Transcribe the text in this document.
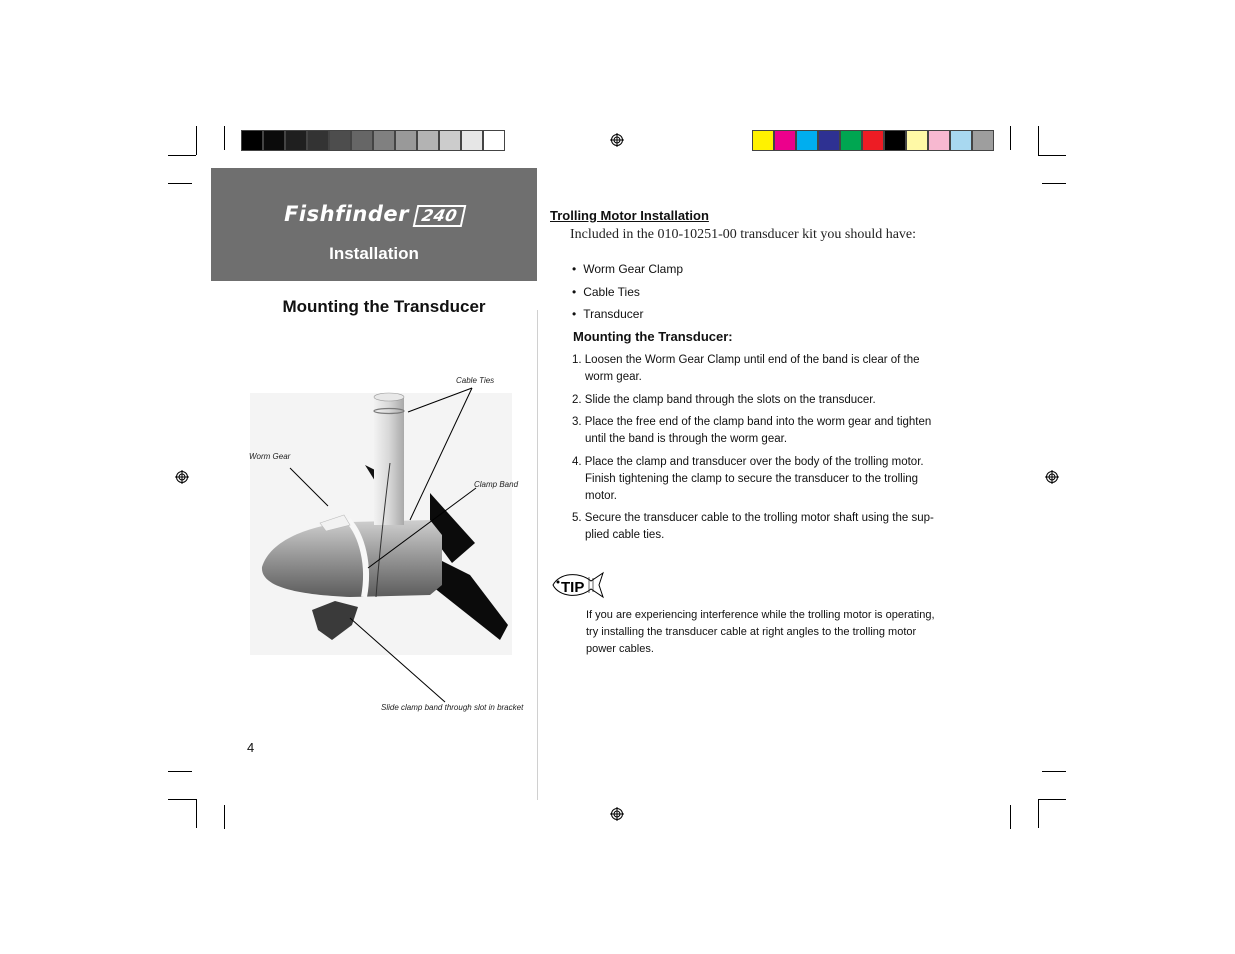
Fishfinder 240
Installation
Mounting the Transducer
Cable Ties
Worm Gear
Clamp Band
Slide clamp band through slot in bracket
4
Trolling Motor Installation
Included in the 010-10251-00 transducer kit you should have:
• Worm Gear Clamp
• Cable Ties
• Transducer
Mounting the Transducer:
1. Loosen the Worm Gear Clamp until end of the band is clear of the worm gear.
2. Slide the clamp band through the slots on the transducer.
3. Place the free end of the clamp band into the worm gear and tighten until the band is through the worm gear.
4. Place the clamp and transducer over the body of the trolling motor. Finish tightening the clamp to secure the transducer to the trolling motor.
5. Secure the transducer cable to the trolling motor shaft using the sup-plied cable ties.
TIP
If you are experiencing interference while the trolling motor is operating, try installing the transducer cable at right angles to the trolling motor power cables.
